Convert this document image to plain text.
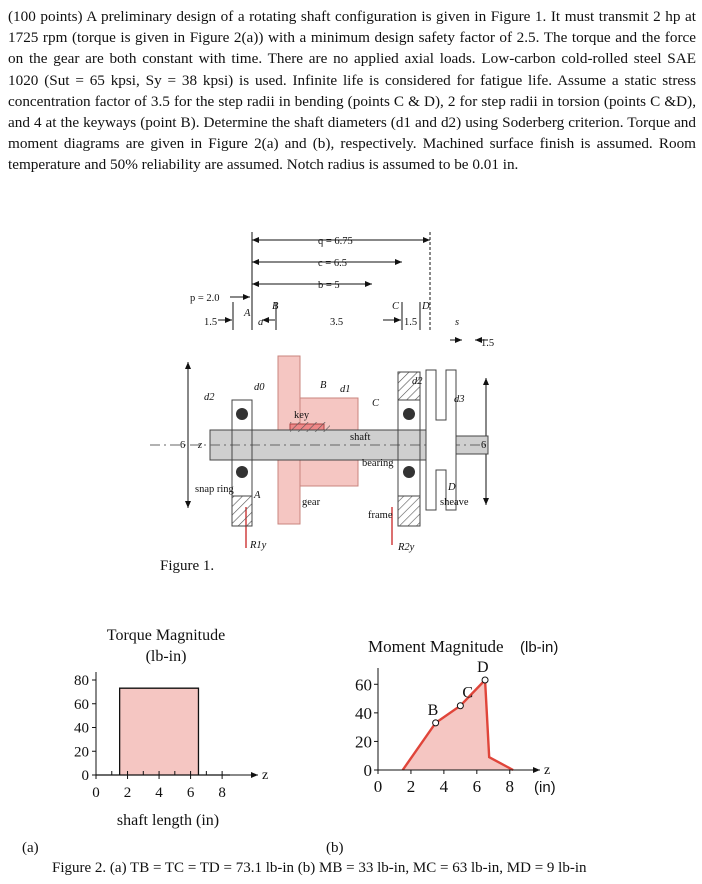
(100 points) A preliminary design of a rotating shaft configuration is given in Figure 1. It must transmit 2 hp at 1725 rpm (torque is given in Figure 2(a)) with a minimum design safety factor of 2.5. The torque and the force on the gear are both constant with time. There are no applied axial loads. Low-carbon cold-rolled steel SAE 1020 (Sut = 65 kpsi, Sy = 38 kpsi) is used. Infinite life is considered for fatigue life. Assume a static stress concentration factor of 3.5 for the step radii in bending (points C & D), 2 for step radii in torsion (points C &D), and 4 at the keyways (point B). Determine the shaft diameters (d1 and d2) using Soderberg criterion. Torque and moment diagrams are given in Figure 2(a) and (b), respectively. Machined surface finish is assumed. Room temperature and 50% reliability are assumed. Notch radius is assumed to be 0.01 in.
q = 6.75
c = 6.5
b = 5
p = 2.0
1.5	a	3.5	1.5	s
1.5
6	6
z
A
B	C D
B
C
A
D
d0	d1
d2
d2
d3
key
shaft
bearing
snap ring
gear
frame
sheave
R1y	R2y
Figure 1.
Torque Magnitude
(lb-in)
0
20
40
60
80
0 2 4 6 8
z
shaft length (in)
Moment Magnitude (lb-in)
0
20
40
60
0 2 4 6 8
z
(in)
B
C
D
(a)	(b)
Figure 2. (a) TB = TC = TD = 73.1 lb-in (b) MB = 33 lb-in, MC = 63 lb-in, MD = 9 lb-in
